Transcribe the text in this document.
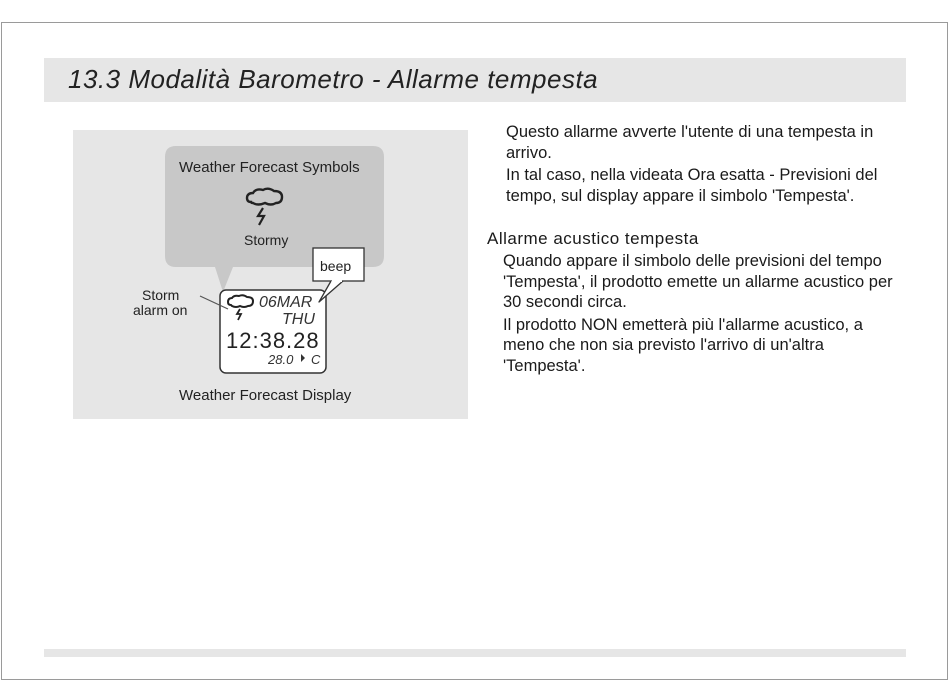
13.3 Modalità Barometro - Allarme tempesta
Weather Forecast Symbols
Stormy
beep
Storm
alarm on	06MAR
THU
12:38.28
28.0 C
Weather Forecast Display

Questo allarme avverte l'utente di una tempesta in arrivo.

In tal caso, nella videata Ora esatta - Previsioni del tempo, sul display appare il simbolo 'Tempesta'.

Allarme acustico tempesta

Quando appare il simbolo delle previsioni del tempo 'Tempesta', il prodotto emette un allarme acustico per 30 secondi circa.

Il prodotto NON emetterà più l'allarme acustico, a meno che non sia previsto l'arrivo di un'altra 'Tempesta'.
